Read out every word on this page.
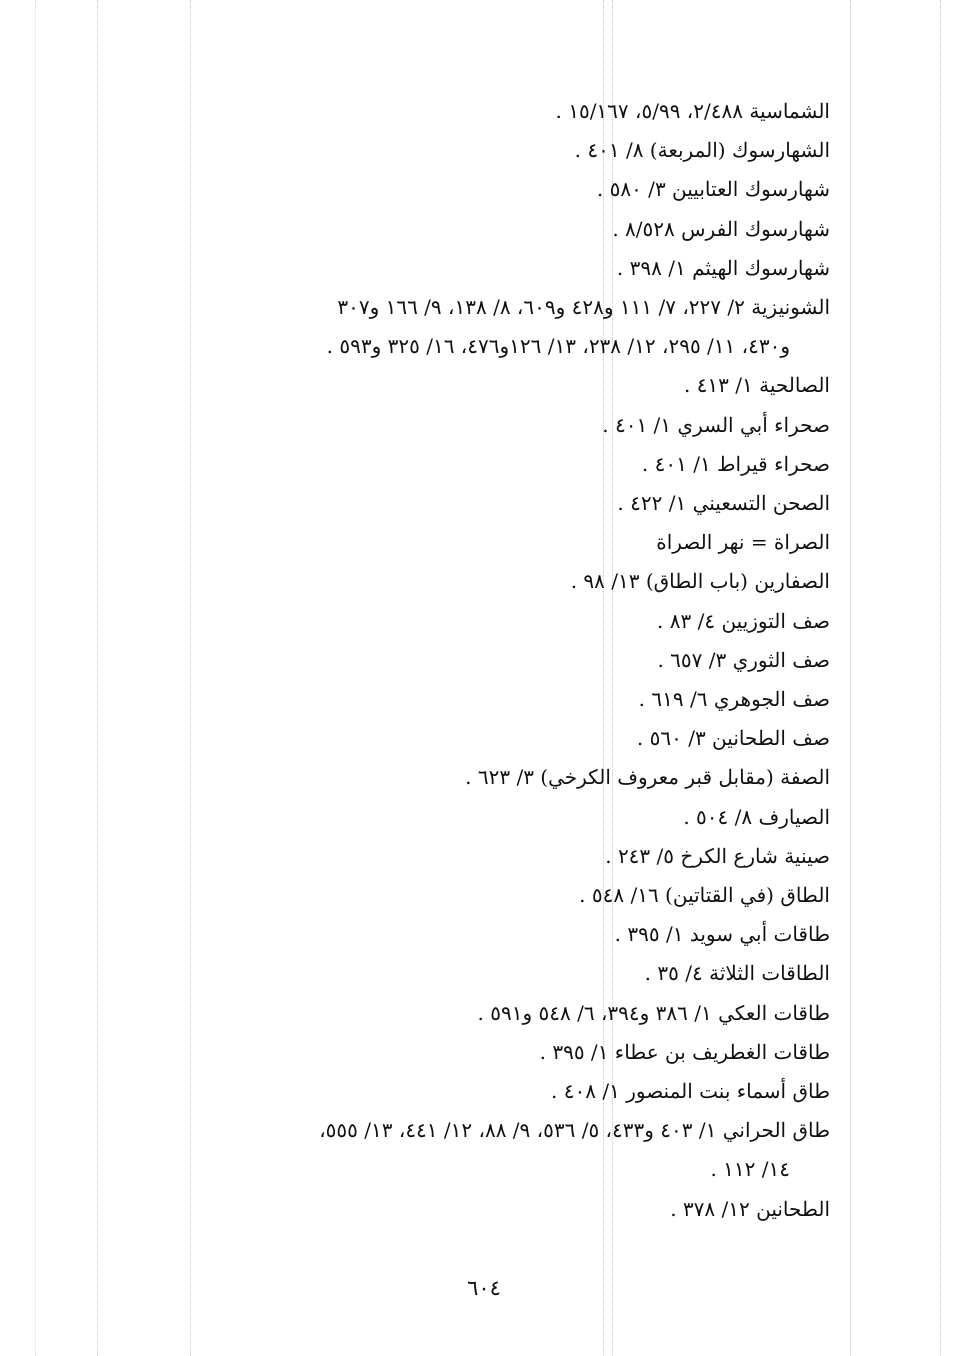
الشماسية ٢/٤٨٨، ٥/٩٩، ١٥/١٦٧ .
الشهارسوك (المربعة) ٨/ ٤٠١ .
شهارسوك العتابيين ٣/ ٥٨٠ .
شهارسوك الفرس ٨/٥٢٨ .
شهارسوك الهيثم ١/ ٣٩٨ .
الشونيزية ٢/ ٢٢٧، ٧/ ١١١ و٤٢٨ و٦٠٩، ٨/ ١٣٨، ٩/ ١٦٦ و٣٠٧
و٤٣٠، ١١/ ٢٩٥، ١٢/ ٢٣٨، ١٣/ ١٢٦و٤٧٦، ١٦/ ٣٢٥ و٥٩٣ .
الصالحية ١/ ٤١٣ .
صحراء أبي السري ١/ ٤٠١ .
صحراء قيراط ١/ ٤٠١ .
الصحن التسعيني ١/ ٤٢٢ .
الصراة = نهر الصراة
الصفارين (باب الطاق) ١٣/ ٩٨ .
صف التوزيين ٤/ ٨٣ .
صف الثوري ٣/ ٦٥٧ .
صف الجوهري ٦/ ٦١٩ .
صف الطحانين ٣/ ٥٦٠ .
الصفة (مقابل قبر معروف الكرخي) ٣/ ٦٢٣ .
الصيارف ٨/ ٥٠٤ .
صينية شارع الكرخ ٥/ ٢٤٣ .
الطاق (في القتاتين) ١٦/ ٥٤٨ .
طاقات أبي سويد ١/ ٣٩٥ .
الطاقات الثلاثة ٤/ ٣٥ .
طاقات العكي ١/ ٣٨٦ و٣٩٤، ٦/ ٥٤٨ و٥٩١ .
طاقات الغطريف بن عطاء ١/ ٣٩٥ .
طاق أسماء بنت المنصور ١/ ٤٠٨ .
طاق الحراني ١/ ٤٠٣ و٤٣٣، ٥/ ٥٣٦، ٩/ ٨٨، ١٢/ ٤٤١، ١٣/ ٥٥٥،
١٤/ ١١٢ .
الطحانين ١٢/ ٣٧٨ .
٦٠٤
